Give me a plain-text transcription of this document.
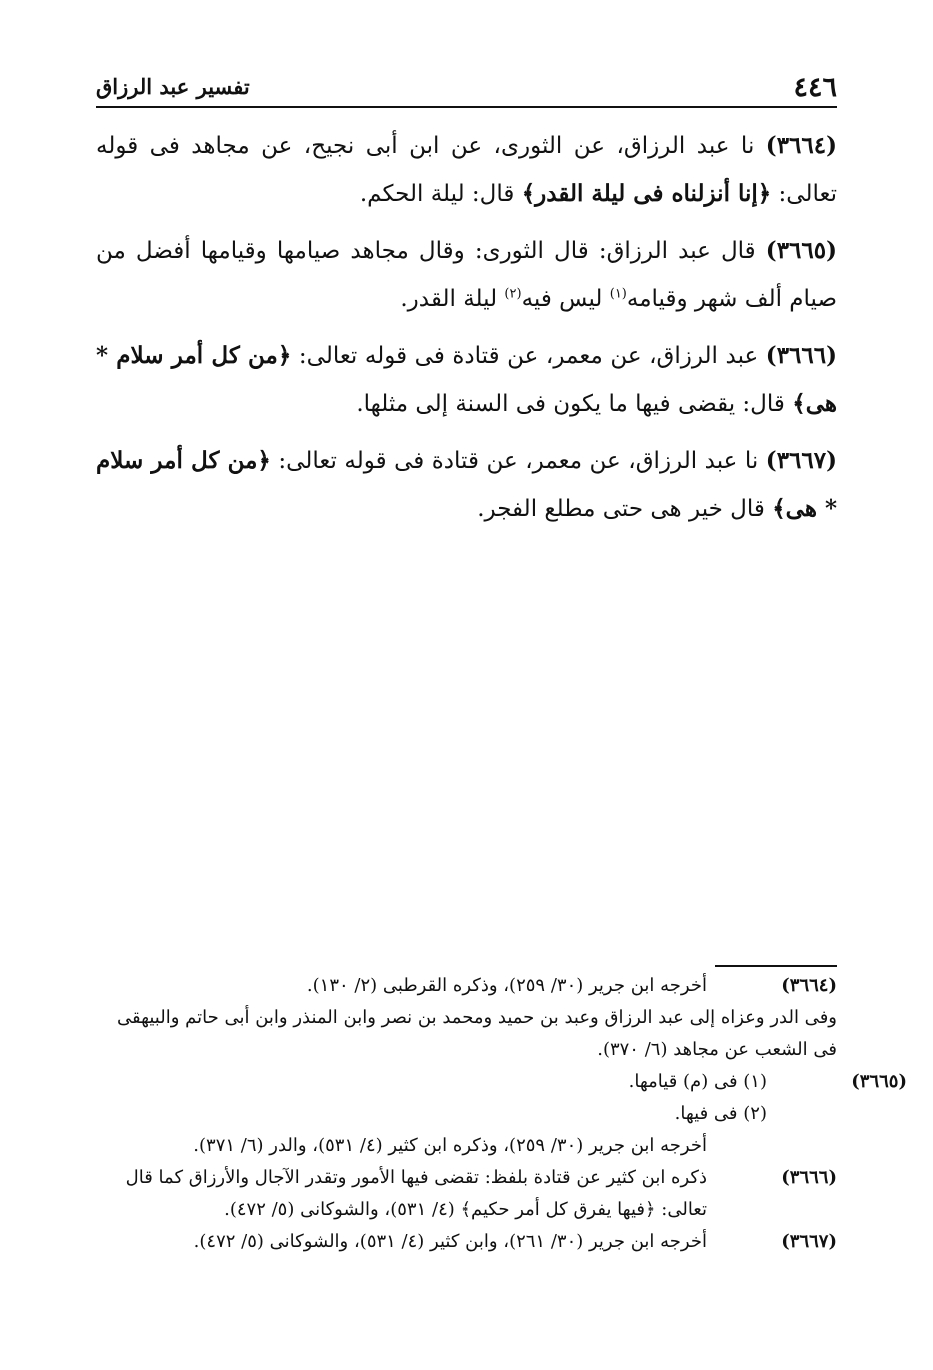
٤٤٦
تفسير عبد الرزاق

(٣٦٦٤) نا عبد الرزاق، عن الثورى، عن ابن أبى نجيح، عن مجاهد فى قوله تعالى: ﴿إنا أنزلناه فى ليلة القدر﴾ قال: ليلة الحكم.

(٣٦٦٥) قال عبد الرزاق: قال الثورى: وقال مجاهد صيامها وقيامها أفضل من صيام ألف شهر وقيامه$^{(١)}$ ليس فيه$^{(٢)}$ ليلة القدر.

(٣٦٦٦) عبد الرزاق، عن معمر، عن قتادة فى قوله تعالى: ﴿من كل أمر سلام * هى﴾ قال: يقضى فيها ما يكون فى السنة إلى مثلها.

(٣٦٦٧) نا عبد الرزاق، عن معمر، عن قتادة فى قوله تعالى: ﴿من كل أمر سلام * هى﴾ قال خير هى حتى مطلع الفجر.

(٣٦٦٤)
أخرجه ابن جرير (٣٠/ ٢٥٩)، وذكره القرطبى (٢/ ١٣٠).
وفى الدر وعزاه إلى عبد الرزاق وعبد بن حميد ومحمد بن نصر وابن المنذر وابن أبى حاتم والبيهقى فى الشعب عن مجاهد (٦/ ٣٧٠).
(٣٦٦٥)
(١) فى (م) قيامها.
(٢) فى فيها.
أخرجه ابن جرير (٣٠/ ٢٥٩)، وذكره ابن كثير (٤/ ٥٣١)، والدر (٦/ ٣٧١).
(٣٦٦٦)
ذكره ابن كثير عن قتادة بلفظ: تقضى فيها الأمور وتقدر الآجال والأرزاق كما قال تعالى: ﴿فيها يفرق كل أمر حكيم﴾ (٤/ ٥٣١)، والشوكانى (٥/ ٤٧٢).
(٣٦٦٧)
أخرجه ابن جرير (٣٠/ ٢٦١)، وابن كثير (٤/ ٥٣١)، والشوكانى (٥/ ٤٧٢).
